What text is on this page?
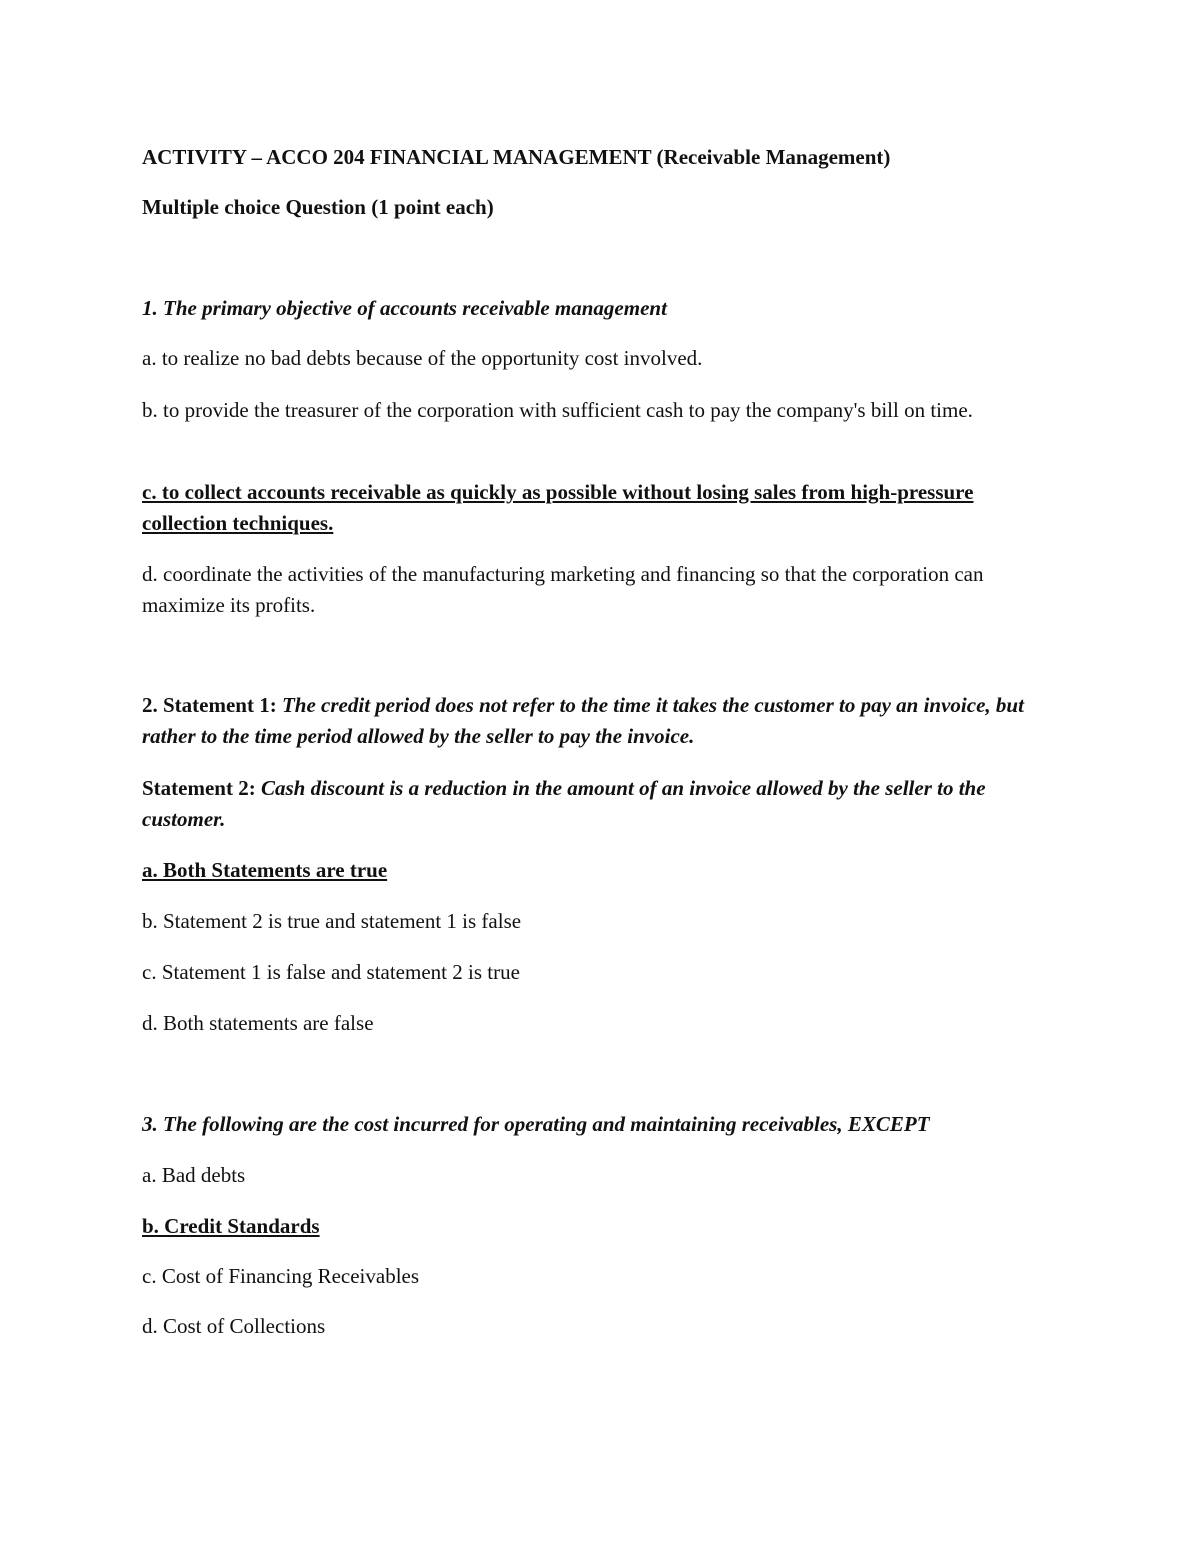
ACTIVITY – ACCO 204 FINANCIAL MANAGEMENT (Receivable Management)
Multiple choice Question (1 point each)
1. The primary objective of accounts receivable management
a. to realize no bad debts because of the opportunity cost involved.
b. to provide the treasurer of the corporation with sufficient cash to pay the company's bill on time.
c. to collect accounts receivable as quickly as possible without losing sales from high-pressure collection techniques.
d. coordinate the activities of the manufacturing marketing and financing so that the corporation can maximize its profits.
2. Statement 1: The credit period does not refer to the time it takes the customer to pay an invoice, but rather to the time period allowed by the seller to pay the invoice.
Statement 2: Cash discount is a reduction in the amount of an invoice allowed by the seller to the customer.
a. Both Statements are true
b. Statement 2 is true and statement 1 is false
c. Statement 1 is false and statement 2 is true
d. Both statements are false
3. The following are the cost incurred for operating and maintaining receivables, EXCEPT
a. Bad debts
b. Credit Standards
c. Cost of Financing Receivables
d. Cost of Collections
